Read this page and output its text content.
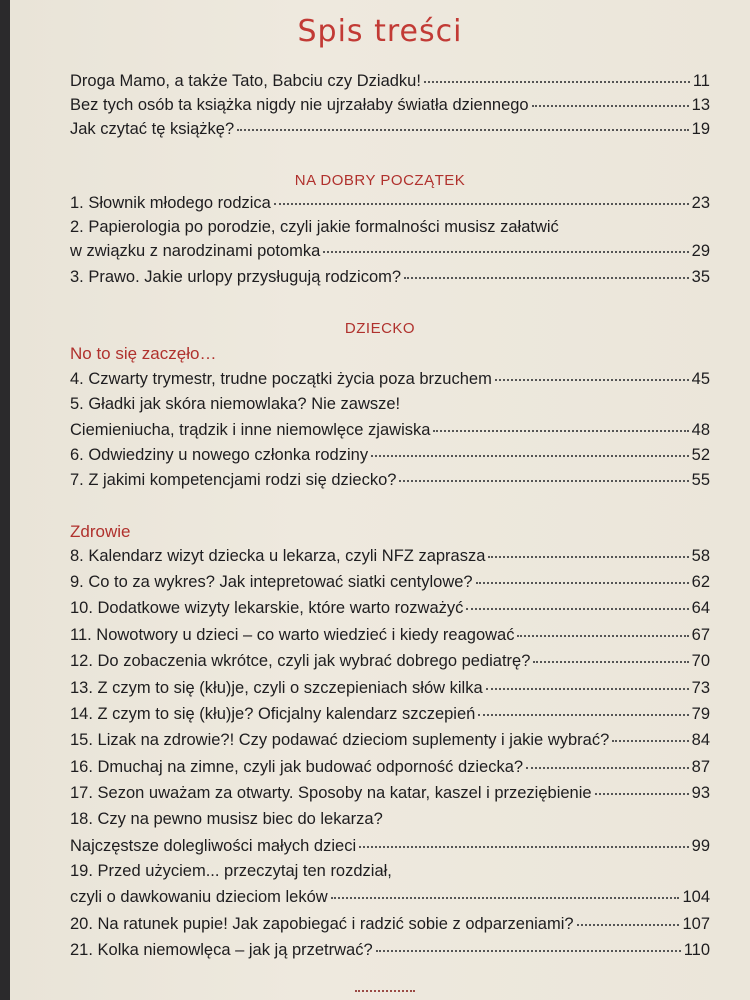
Spis treści
Droga Mamo, a także Tato, Babciu czy Dziadku!	11
Bez tych osób ta książka nigdy nie ujrzałaby światła dziennego	13
Jak czytać tę książkę?	19
NA DOBRY POCZĄTEK
1. Słownik młodego rodzica	23
2. Papierologia po porodzie, czyli jakie formalności musisz załatwić
w związku z narodzinami potomka	29
3. Prawo. Jakie urlopy przysługują rodzicom?	35
DZIECKO
No to się zaczęło…
4. Czwarty trymestr, trudne początki życia poza brzuchem	45
5. Gładki jak skóra niemowlaka? Nie zawsze!
Ciemieniucha, trądzik i inne niemowlęce zjawiska	48
6. Odwiedziny u nowego członka rodziny	52
7. Z jakimi kompetencjami rodzi się dziecko?	55
Zdrowie
8. Kalendarz wizyt dziecka u lekarza, czyli NFZ zaprasza	58
9. Co to za wykres? Jak intepretować siatki centylowe?	62
10. Dodatkowe wizyty lekarskie, które warto rozważyć	64
11. Nowotwory u dzieci – co warto wiedzieć i kiedy reagować	67
12. Do zobaczenia wkrótce, czyli jak wybrać dobrego pediatrę?	70
13. Z czym to się (kłu)je, czyli o szczepieniach słów kilka	73
14. Z czym to się (kłu)je? Oficjalny kalendarz szczepień	79
15. Lizak na zdrowie?! Czy podawać dzieciom suplementy i jakie wybrać?	84
16. Dmuchaj na zimne, czyli jak budować odporność dziecka?	87
17. Sezon uważam za otwarty. Sposoby na katar, kaszel i przeziębienie	93
18. Czy na pewno musisz biec do lekarza?
Najczęstsze dolegliwości małych dzieci	99
19. Przed użyciem... przeczytaj ten rozdział,
czyli o dawkowaniu dzieciom leków	104
20. Na ratunek pupie! Jak zapobiegać i radzić sobie z odparzeniami?	107
21. Kolka niemowlęca – jak ją przetrwać?	110
